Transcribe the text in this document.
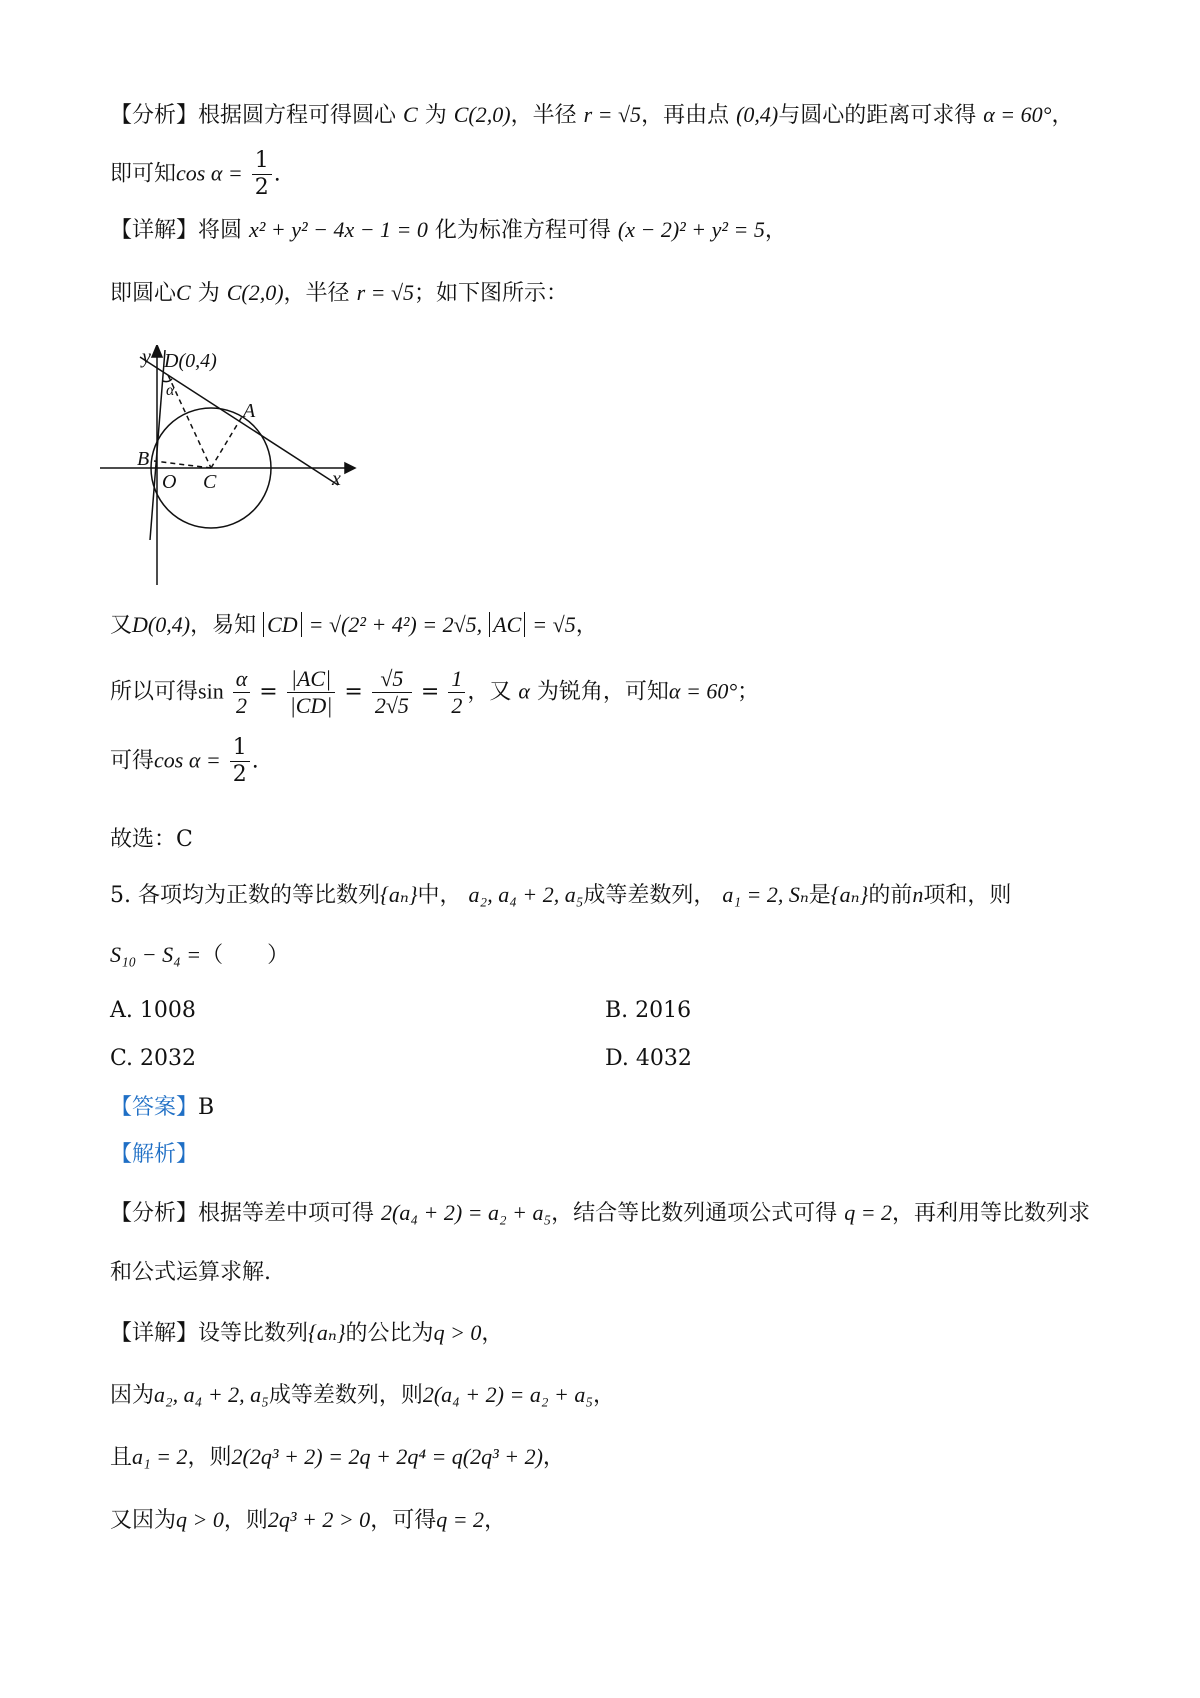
【分析】根据圆方程可得圆心 C 为 C(2,0)，半径 r = √5，再由点 (0,4)与圆心的距离可求得 α = 60°，
即可知$\cos \alpha = \frac{1}{2}$ .
【详解】将圆 x² + y² − 4x − 1 = 0 化为标准方程可得 (x − 2)² + y² = 5，
即圆心C 为 C(2,0)，半径 r = √5；如下图所示：
y
x
D(0,4)
α
A
B
O C
又D(0,4)，易知 CD = √(2² + 4²) = 2√5, AC = √5，
所以可得$\sin \frac{\alpha}{2} = \frac{|AC|}{|CD|} = \frac{√5}{2√5} = \frac{1}{2}$ ，又 α 为锐角，可知α = 60°；
可得$\cos \alpha = \frac{1}{2}$ .
故选：C
5. 各项均为正数的等比数列{aₙ}中， a₂, a₄ + 2, a₅成等差数列， a₁ = 2, Sₙ是{aₙ}的前n项和，则
S₁₀ − S₄ =（　　）
A. 1008	B. 2016
C. 2032	D. 4032
【答案】B
【解析】
【分析】根据等差中项可得 2(a₄ + 2) = a₂ + a₅，结合等比数列通项公式可得 q = 2，再利用等比数列求
和公式运算求解.
【详解】设等比数列{aₙ}的公比为q > 0，
因为a₂, a₄ + 2, a₅成等差数列，则2(a₄ + 2) = a₂ + a₅，
且a₁ = 2，则2(2q³ + 2) = 2q + 2q⁴ = q(2q³ + 2)，
又因为q > 0，则2q³ + 2 > 0，可得q = 2，
